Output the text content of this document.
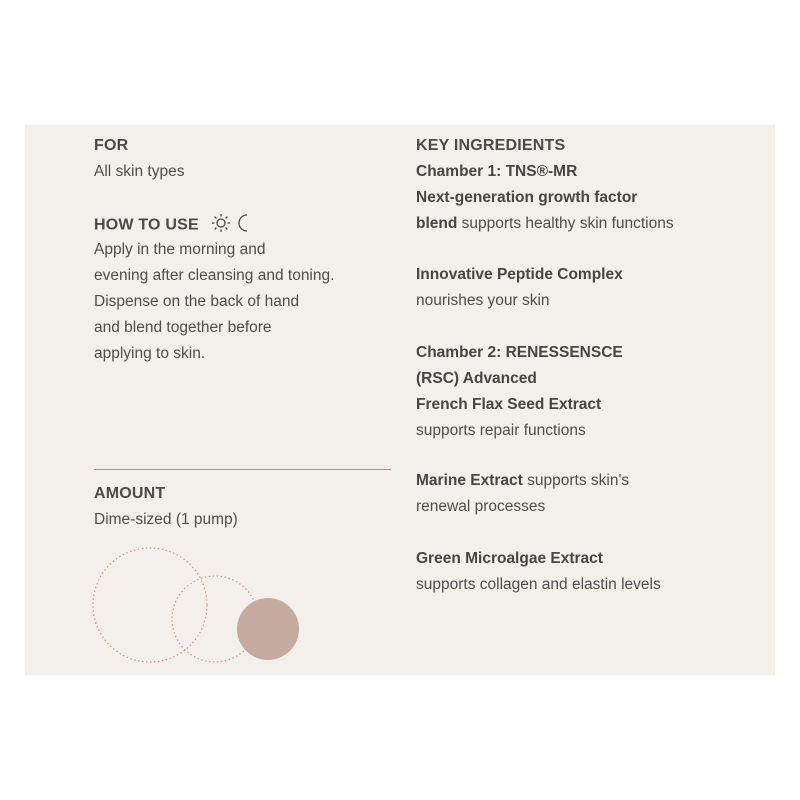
FOR
All skin types
HOW TO USE
Apply in the morning and
evening after cleansing and toning.
Dispense on the back of hand
and blend together before
applying to skin.
AMOUNT
Dime-sized (1 pump)
KEY INGREDIENTS
Chamber 1: TNS®-MR
Next-generation growth factor
blend supports healthy skin functions
Innovative Peptide Complex
nourishes your skin
Chamber 2: RENESSENSCE
(RSC) Advanced
French Flax Seed Extract
supports repair functions
Marine Extract supports skin's
renewal processes
Green Microalgae Extract
supports collagen and elastin levels
